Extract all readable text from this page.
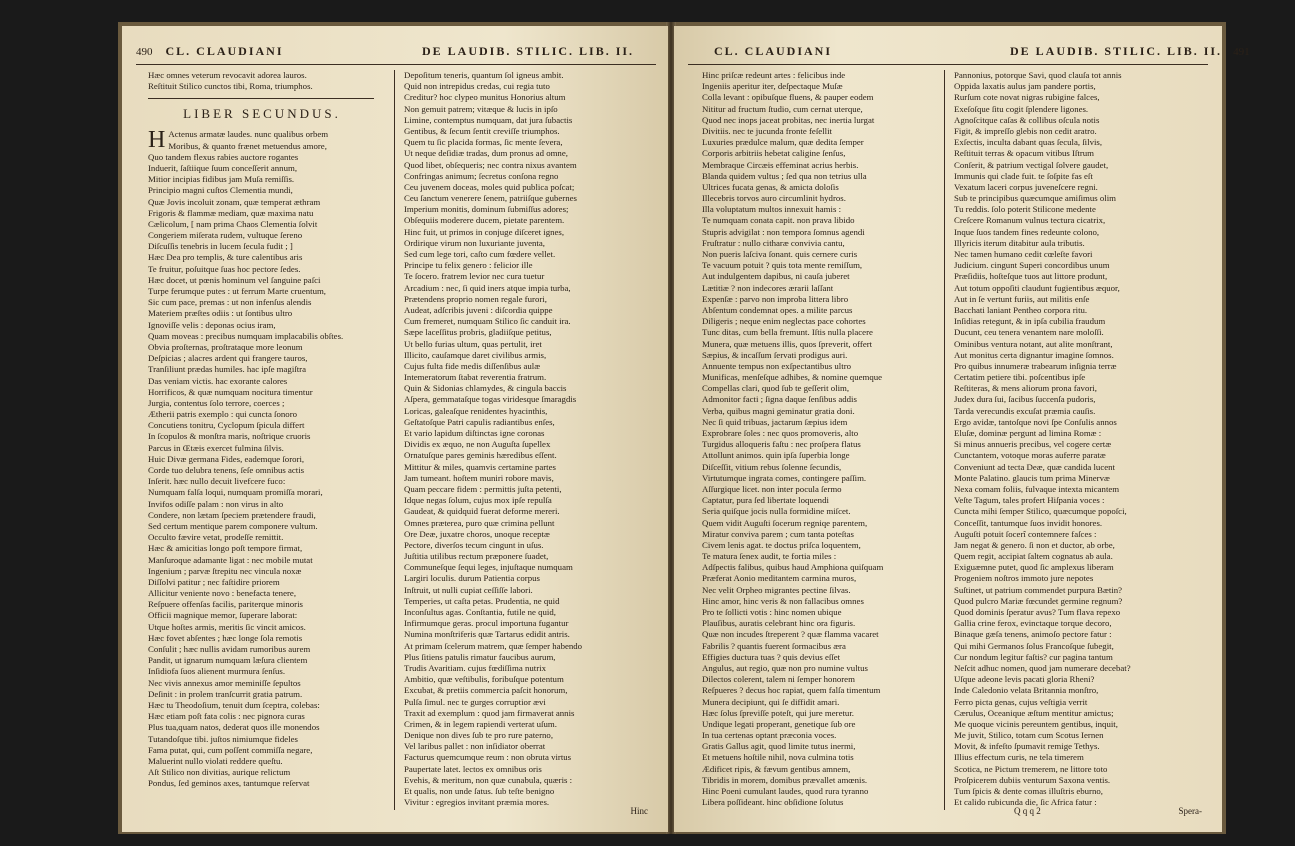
490 CL. CLAUDIANI	DE LAUDIB. STILIC. LIB. II.
Hæc omnes veterum revocavit adorea lauros.
Reſtituit Stilico cunctos tibi, Roma, triumphos.
LIBER SECUNDUS.
H Actenus armatæ laudes. nunc qualibus orbem
Moribus, & quanto frænet metuendus amore,
Quo tandem flexus rabies auctore rogantes
Induerit, ſaſtiique ſuum conceſſerit annum,
Mitior incipias fidibus jam Muſa remiſſis.
Principio magni cuſtos Clementia mundi,
Quæ Jovis incoluit zonam, quæ temperat æthram
Frigoris & flammæ mediam, quæ maxima natu
Cælicolum, [ nam prima Chaos Clementia ſolvit
Congeriem miſerata rudem, vultuque ſereno
Diſcuſſis tenebris in lucem ſecula fudit ; ]
Hæc Dea pro templis, & ture calentibus aris
Te fruitur, poſuitque ſuas hoc pectore ſedes.
Hæc docet, ut pœnis hominum vel ſanguine paſci
Turpe ferumque putes : ut ferrum Marte cruentum,
Sic cum pace, premas : ut non infenſus alendis
Materiem præſtes odiis : ut ſontibus ultro
Ignoviſſe velis : deponas ocius iram,
Quam moveas : precibus numquam implacabilis obſtes.
Obvia proſternas, proſtrataque more leonum
Deſpicias ; alacres ardent qui frangere tauros,
Tranſiliunt prædas humiles. hac ipſe magiſtra
Das veniam victis. hac exorante calores
Horrificos, & quæ numquam nocitura timentur
Jurgia, contentus ſolo terrore, coerces ;
Ætherii patris exemplo : qui cuncta ſonoro
Concutiens tonitru, Cyclopum ſpicula differt
In ſcopulos & monſtra maris, noſtrique cruoris
Parcus in Œtæis exercet fulmina ſilvis.
Huic Divæ germana Fides, eademque ſorori,
Corde tuo delubra tenens, ſeſe omnibus actis
Inſerit. hæc nullo decuit livefcere fuco:
Numquam falſa loqui, numquam promiſſa morari,
Invifos odiſſe palam : non virus in alto
Condere, non lætam ſpeciem prætendere fraudi,
Sed certum mentique parem componere vultum.
Occulto fævire vetat, prodeſſe remittit.
Hæc & amicitias longo poſt tempore firmat,
Manſuroque adamante ligat : nec mobile mutat
Ingenium ; parvæ ſtrepitu nec vincula noxæ
Diſſolvi patitur ; nec faſtidire priorem
Allicitur veniente novo : benefacta tenere,
Reſpuere offenſas facilis, pariterque minoris
Officii magnique memor, ſuperare laborat:
Utque hoſtes armis, meritis ſic vincit amicos.
Hæc fovet abſentes ; hæc longe ſola remotis
Conſulit ; hæc nullis avidam rumoribus aurem
Pandit, ut ignarum numquam læſura clientem
Inſidiofa ſuos alienent murmura ſenſus.
Nec vivis annexus amor meminiſſe ſepultos
Deſinit : in prolem tranſcurrit gratia patrum.
Hæc tu Theodoſium, tenuit dum ſceptra, colebas:
Hæc etiam poſt fata colis : nec pignora curas
Plus tua,quam natos, dederat quos ille monendos
Tutandoſque tibi. juſtos nimiumque fideles
Fama putat, qui, cum poſſent commiſſa negare,
Maluerint nullo violati reddere queſtu.
Aſt Stilico non divitias, aurique relictum
Pondus, ſed geminos axes, tantumque reſervat
Depoſitum teneris, quantum ſol igneus ambit.
Quid non intrepidus credas, cui regia tuto
Creditur? hoc clypeo munitus Honorius altum
Non gemuit patrem; vitæque & lucis in ipſo
Limine, contemptus numquam, dat jura ſubactis
Gentibus, & ſecum ſentit creviſſe triumphos.
Quem tu ſic placida formas, ſic mente ſevera,
Ut neque deſidiæ tradas, dum pronus ad omne,
Quod libet, obſequeris; nec contra nixus avantem
Confringas animum; ſecretus conſona regno
Ceu juvenem doceas, moles quid publica poſcat;
Ceu ſanctum venerere ſenem, patriiſque gubernes
Imperium monitis, dominum ſubmiſſus adores;
Obſequiis moderere ducem, pietate parentem.
Hinc fuit, ut primos in conjuge diſceret ignes,
Ordirique virum non luxuriante juventa,
Sed cum lege tori, caſto cum fœdere vellet.
Principe tu felix genero : felicior ille
Te ſocero. fratrem levior nec cura tuetur
Arcadium : nec, ſi quid iners atque impia turba,
Prætendens proprio nomen regale furori,
Audeat, adſcribis juveni : diſcordia quippe
Cum fremeret, numquam Stilico ſic canduit ira.
Sæpe laceſſitus probris, gladiiſque petitus,
Ut bello furias ultum, quas pertulit, iret
Illicito, cauſamque daret civilibus armis,
Cujus fulta fide medis diſſenſibus aulæ
Intemeratorum ſtabat reverentia fratrum.
Quin & Sidonias chlamydes, & cingula baccis
Aſpera, gemmataſque togas viridesque ſmaragdis
Loricas, galeaſque renidentes hyacinthis,
Geſtatoſque Patri capulis radiantibus enſes,
Et vario lapidum diſtinctas igne coronas
Dividis ex æquo, ne non Auguſta ſupellex
Ornatuſque pares geminis hæredibus eſſent.
Mittitur & miles, quamvis certamine partes
Jam tumeant. hoſtem muniri robore mavis,
Quam peccare fidem : permittis juſta petenti,
Idque negas ſolum, cujus mox ipſe repulſa
Gaudeat, & quidquid fuerat deforme mereri.
Omnes præterea, puro quæ crimina pellunt
Ore Deæ, juxatre choros, unoque receptæ
Pectore, diverſos tecum cingunt in uſus.
Juſtitia utilibus rectum præponere ſuadet,
Communeſque ſequi leges, injuſtaque numquam
Largiri loculis. durum Patientia corpus
Inſtruit, ut nulli cupiat ceſſiſſe labori.
Temperies, ut caſta petas. Prudentia, ne quid
Inconſultus agas. Conſtantia, futile ne quid,
Infirmumque geras. procul importuna fugantur
Numina monſtriferis quæ Tartarus edidit antris.
At primam ſcelerum matrem, quæ ſemper habendo
Plus ſitiens patulis rimatur faucibus aurum,
Trudis Avaritiam. cujus fœdiſſima nutrix
Ambitio, quæ veſtibulis, foribuſque potentum
Excubat, & pretiis commercia paſcit honorum,
Pulſa ſimul. nec te gurges corruptior ævi
Traxit ad exemplum : quod jam firmaverat annis
Crimen, & in legem rapiendi verterat uſum.
Denique non dives ſub te pro rure paterno,
Vel laribus pallet : non inſidiator oberrat
Facturus quemcumque reum : non obruta virtus
Paupertate latet. lectos ex omnibus oris
Evehis, & meritum, non quæ cunabula, quæris :
Et qualis, non unde ſatus. ſub teſte benigno
Vivitur : egregios invitant præmia mores.
Hinc
CL. CLAUDIANI	DE LAUDIB. STILIC. LIB. II. 491
Hinc priſcæ redeunt artes : felicibus inde
Ingeniis aperitur iter, deſpectaque Muſæ
Colla levant : opibuſque fluens, & pauper eodem
Nititur ad fructum ſtudio, cum cernat uterque,
Quod nec inops jaceat probitas, nec inertia lurgat
Divitiis. nec te jucunda fronte feſellit
Luxuries prædulce malum, quæ dedita ſemper
Corporis arbitriis hebetat caligine ſenſus,
Membraque Circæis effeminat acrius herbis.
Blanda quidem vultus ; ſed qua non tetrius ulla
Ultrices fucata genas, & amicta doloſis
Illecebris torvos auro circumlinit hydros.
Illa voluptatum multos innexuit hamis :
Te numquam conata capit. non prava libido
Stupris advigilat : non tempora ſomnus agendi
Fruſtratur : nullo citharæ convivia cantu,
Non pueris laſciva ſonant. quis cernere curis
Te vacuum potuit ? quis tota mente remiſſum,
Aut indulgentem dapibus, ni cauſa juberet
Lætitiæ ? non indecores ærarii laſſant
Expenſæ : parvo non improba littera libro
Abſentum condemnat opes. a milite parcus
Diligeris ; neque enim neglectas pace cohortes
Tunc ditas, cum bella fremunt. Iſtis nulla placere
Munera, quæ metuens illis, quos ſpreverit, offert
Sæpius, & incaſſum ſervati prodigus auri.
Annuente tempus non exſpectantibus ultro
Munificas, menſeſque adhibes, & nomine quemque
Compellas clari, quod ſub te geſſerit olim,
Admonitor facti ; ſigna daque ſenſibus addis
Verba, quibus magni geminatur gratia doni.
Nec ſi quid tribuas, jactarum ſæpius idem
Exprobrare ſoles : nec quos promoveris, alto
Turgidus alloqueris faſtu : nec proſpera flatus
Attollunt animos. quin ipſa ſuperbia longe
Diſceſſit, vitium rebus ſolenne ſecundis,
Virtutumque ingrata comes, contingere paſſim.
Aſſurgique licet. non inter pocula ſermo
Captatur, pura ſed libertate loquendi
Seria quiſque jocis nulla formidine miſcet.
Quem vidit Auguſti ſocerum regniqe parentem,
Miratur conviva parem ; cum tanta poteſtas
Civem lenis agat. te doctus priſca loquentem,
Te matura ſenex audit, te fortia miles :
Adſpectis falibus, quibus haud Amphiona quiſquam
Præferat Aonio meditantem carmina muros,
Nec velit Orpheo migrantes pectine ſilvas.
Hinc amor, hinc veris & non fallacibus omnes
Pro te ſollicti votis : hinc nomen ubique
Plauſibus, auratis celebrant hinc ora figuris.
Quæ non incudes ſtreperent ? quæ flamma vacaret
Fabrilis ? quantis fuerent ſormacibus æra
Effigies ductura tuas ? quis devius eſſet
Angulus, aut regio, quæ non pro numine vultus
Dilectos colerent, talem ni ſemper honorem
Reſpueres ? decus hoc rapiat, quem falſa timentum
Munera decipiunt, qui ſe diffidit amari.
Hæc ſolus ſpreviſſe poteſt, qui jure meretur.
Undique legati properant, genetique ſub ore
In tua certenas optant præconia voces.
Gratis Gallus agit, quod limite tutus inermi,
Et metuens hoſtile nihil, nova culmina totis
Ædificet ripis, & fævum gentibus amnem,
Tibridis in morem, domibus prævallet amœnis.
Hinc Poeni cumulant laudes, quod rura tyranno
Libera poſſideant. hinc obſidione ſolutus
Pannonius, potorque Savi, quod clauſa tot annis
Oppida laxatis aulus jam pandere portis,
Rurſum cote novat nigras rubigine falces,
Exeſoſque ſitu cogit ſplendere ligones.
Agnoſcitque caſas & collibus oſcula notis
Figit, & impreſſo glebis non cedit aratro.
Exſectis, inculta dabant quas ſecula, ſilvis,
Reſtituit terras & opacum vitibus Iſtrum
Conſerit, & patrium vectigal ſolvere gaudet,
Immunis qui clade fuit. te ſoſpite fas eſt
Vexatum laceri corpus juveneſcere regni.
Sub te principibus quæcumque amiſimus olim
Tu reddis. ſolo poterit Stilicone medente
Creſcere Romanum vulnus tectura cicatrix,
Inque ſuos tandem fines redeunte colono,
Illyricis iterum ditabitur aula tributis.
Nec tamen humano cedit cœleſte favori
Judicium. cingunt Superi concordibus unum
Præſidiis, hoſteſque tuos aut littore produnt,
Aut totum oppoſiti claudunt fugientibus æquor,
Aut in ſe vertunt furiis, aut militis enſe
Bacchati laniant Pentheo corpora ritu.
Inſidias retegunt, & in ipſa cubilia fraudum
Ducunt, ceu tenera venantem nare moloſſi.
Ominibus ventura notant, aut alite monſtrant,
Aut monitus certa dignantur imagine ſomnos.
Pro quibus innumeræ trabearum inſignia terræ
Certatim petiere tibi. poſcentibus ipſe
Reſtiteras, & mens aliorum prona favori,
Judex dura ſui, ſacibus ſuccenſa pudoris,
Tarda verecundis excuſat præmia cauſis.
Ergo avidæ, tantoſque novi ſpe Conſulis annos
Eluſæ, dominæ pergunt ad limina Romæ :
Si minus annueris precibus, vel cogere certæ
Cunctantem, votoque moras auferre paratæ
Conveniunt ad tecta Deæ, quæ candida lucent
Monte Palatino. glaucis tum prima Minervæ
Nexa comam foliis, fulvaque intexta micantem
Veſte Tagum, tales profert Hiſpania voces :
Cuncta mihi ſemper Stilico, quæcumque popoſci,
Conceſſit, tantumque ſuos invidit honores.
Auguſti potuit ſocerî contemnere faſces :
Jam negat & genero. ſi non et ductor, ab orbe,
Quem regit, accipiat ſaltem cognatus ab aula.
Exiguæmne putet, quod ſic amplexus liberam
Progeniem noſtros immoto jure nepotes
Suſtinet, ut patrium commendet purpura Bætin?
Quod pulcro Mariæ fœcundet germine regnum?
Quod dominis ſperatur avus? Tum flava repexo
Gallia crine ferox, evinctaque torque decoro,
Binaque gæſa tenens, animoſo pectore fatur :
Qui mihi Germanos ſolus Francoſque ſubegit,
Cur nondum legitur faſtis? cur pagina tantum
Neſcit adhuc nomen, quod jam numerare decebat?
Uſque adeone levis pacati gloria Rheni?
Inde Caledonio velata Britannia monſtro,
Ferro picta genas, cujus veſtigia verrit
Cærulus, Oceanique æſtum mentitur amictus;
Me quoque vicinis pereuntem gentibus, inquit,
Me juvit, Stilico, totam cum Scotus Iernen
Movit, & infeſto ſpumavit remige Tethys.
Illius effectum curis, ne tela timerem
Scotica, ne Pictum tremerem, ne littore toto
Proſpicerem dubiis venturum Saxona ventis.
Tum ſpicis & dente comas illuſtris eburno,
Et calido rubicunda die, ſic Africa fatur :
Q q q 2	Spera-
